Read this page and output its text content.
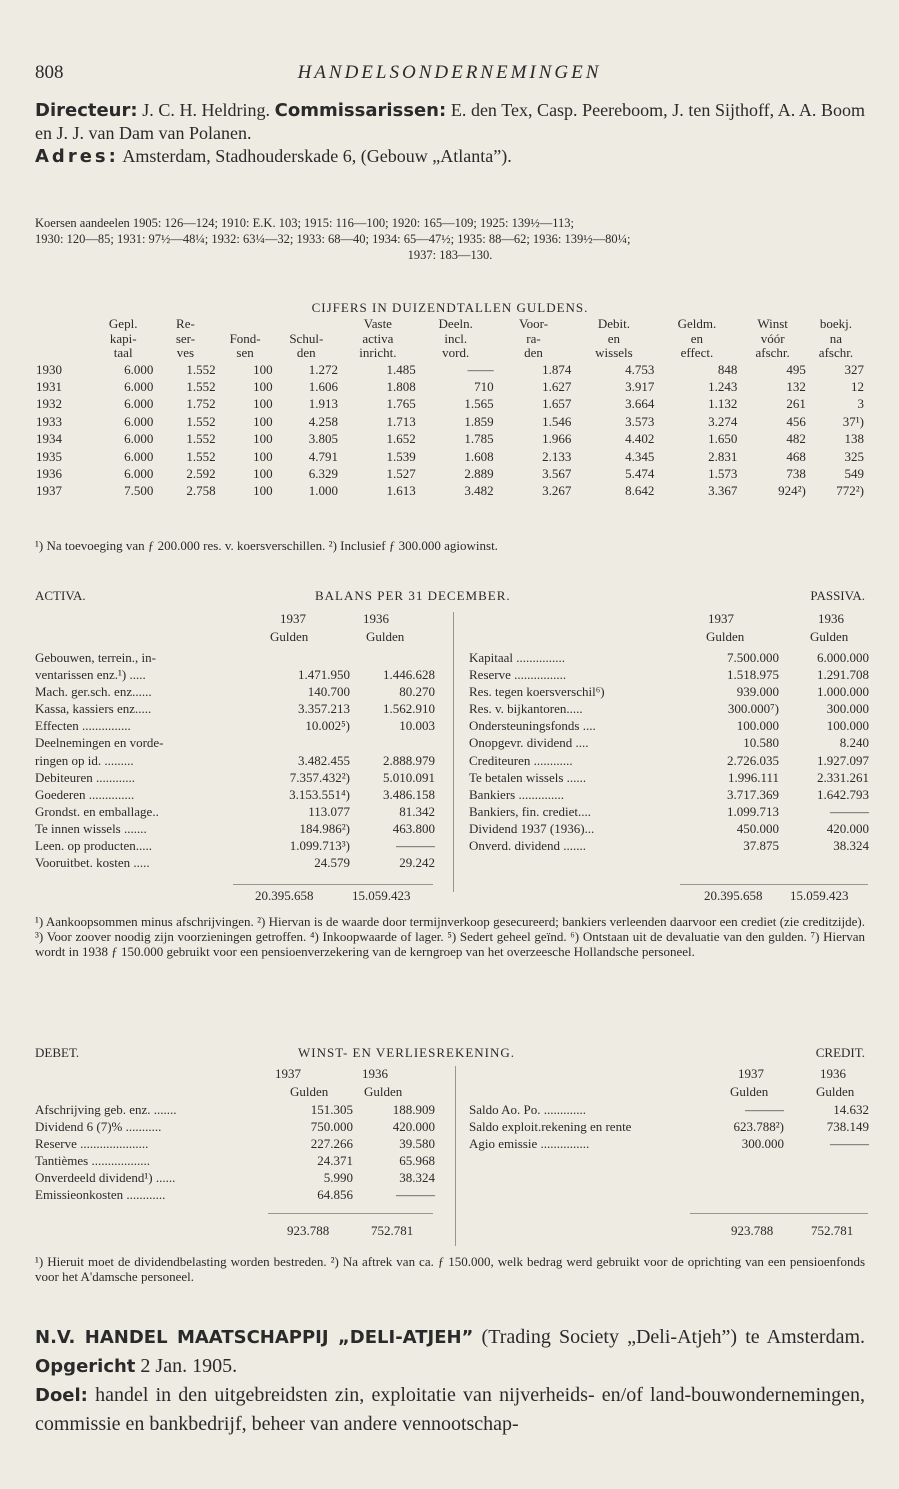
808	HANDELSONDERNEMINGEN
Directeur: J. C. H. Heldring. Commissarissen: E. den Tex, Casp. Peereboom, J. ten Sijthoff, A. A. Boom en J. J. van Dam van Polanen.
Adres: Amsterdam, Stadhouderskade 6, (Gebouw „Atlanta”).
Koersen aandeelen 1905: 126—124; 1910: E.K. 103; 1915: 116—100; 1920: 165—109; 1925: 139½—113;
1930: 120—85; 1931: 97½—48¼; 1932: 63¼—32; 1933: 68—40; 1934: 65—47½; 1935: 88—62; 1936: 139½—80¼;
1937: 183—130.
CIJFERS IN DUIZENDTALLEN GULDENS.
	Gepl.	Re-			Vaste	Deeln.	Voor-	Debit.	Geldm.	Winst	boekj.
	kapi-	ser-	Fond-	Schul-	activa	incl.	ra-	en	en	vóór	na
	taal	ves	sen	den	inricht.	vord.	den	wissels	effect.	afschr.	afschr.
1930	6.000	1.552	100	1.272	1.485	——	1.874	4.753	848	495	327
1931	6.000	1.552	100	1.606	1.808	710	1.627	3.917	1.243	132	12
1932	6.000	1.752	100	1.913	1.765	1.565	1.657	3.664	1.132	261	3
1933	6.000	1.552	100	4.258	1.713	1.859	1.546	3.573	3.274	456	37¹)
1934	6.000	1.552	100	3.805	1.652	1.785	1.966	4.402	1.650	482	138
1935	6.000	1.552	100	4.791	1.539	1.608	2.133	4.345	2.831	468	325
1936	6.000	2.592	100	6.329	1.527	2.889	3.567	5.474	1.573	738	549
1937	7.500	2.758	100	1.000	1.613	3.482	3.267	8.642	3.367	924²)	772²)
¹) Na toevoeging van ƒ 200.000 res. v. koersverschillen. ²) Inclusief ƒ 300.000 agiowinst.
ACTIVA.	BALANS PER 31 DECEMBER.	PASSIVA.
1937	1936
Gulden	Gulden
1937	1936
Gulden	Gulden
Gebouwen, terrein., in-		
ventarissen enz.¹) .....	1.471.950	1.446.628
Mach. ger.sch. enz......	140.700	80.270
Kassa, kassiers enz.....	3.357.213	1.562.910
Effecten ...............	10.002⁵)	10.003
Deelnemingen en vorde-		
ringen op id. .........	3.482.455	2.888.979
Debiteuren ............	7.357.432²)	5.010.091
Goederen ..............	3.153.551⁴)	3.486.158
Grondst. en emballage..	113.077	81.342
Te innen wissels .......	184.986²)	463.800
Leen. op producten.....	1.099.713³)	———
Vooruitbet. kosten .....	24.579	29.242

Kapitaal ...............	7.500.000	6.000.000
Reserve ................	1.518.975	1.291.708
Res. tegen koersverschil⁶)	939.000	1.000.000
Res. v. bijkantoren.....	300.000⁷)	300.000
Ondersteuningsfonds ....	100.000	100.000
Onopgevr. dividend ....	10.580	8.240
Crediteuren ............	2.726.035	1.927.097
Te betalen wissels ......	1.996.111	2.331.261
Bankiers ..............	3.717.369	1.642.793
Bankiers, fin. crediet....	1.099.713	———
Dividend 1937 (1936)...	450.000	420.000
Onverd. dividend .......	37.875	38.324
20.395.658	15.059.423	20.395.658 15.059.423
¹) Aankoopsommen minus afschrijvingen. ²) Hiervan is de waarde door termijnverkoop gesecureerd; bankiers verleenden daarvoor een crediet (zie creditzijde). ³) Voor zoover noodig zijn voorzieningen getroffen. ⁴) Inkoopwaarde of lager. ⁵) Sedert geheel geïnd. ⁶) Ontstaan uit de devaluatie van den gulden. ⁷) Hiervan wordt in 1938 ƒ 150.000 gebruikt voor een pensioenverzekering van de kerngroep van het overzeesche Hollandsche personeel.
DEBET.	WINST- EN VERLIESREKENING.	CREDIT.
1937	1936
Gulden	Gulden
1937	1936
Gulden	Gulden
Afschrijving geb. enz. .......	151.305	188.909
Dividend 6 (7)% ...........	750.000	420.000
Reserve .....................	227.266	39.580
Tantièmes ..................	24.371	65.968
Onverdeeld dividend¹) ......	5.990	38.324
Emissieonkosten ............	64.856	———
Saldo Ao. Po. .............	———	14.632
Saldo exploit.rekening en rente	623.788²)	738.149
Agio emissie ...............	300.000	———
923.788	752.781	923.788	752.781
¹) Hieruit moet de dividendbelasting worden bestreden. ²) Na aftrek van ca. ƒ 150.000, welk bedrag werd gebruikt voor de oprichting van een pensioenfonds voor het A'damsche personeel.
N.V. HANDEL MAATSCHAPPIJ „DELI-ATJEH” (Trading Society „Deli-Atjeh”) te Amsterdam. Opgericht 2 Jan. 1905.
Doel: handel in den uitgebreidsten zin, exploitatie van nijverheids- en/of land-bouwondernemingen, commissie en bankbedrijf, beheer van andere vennootschap-
